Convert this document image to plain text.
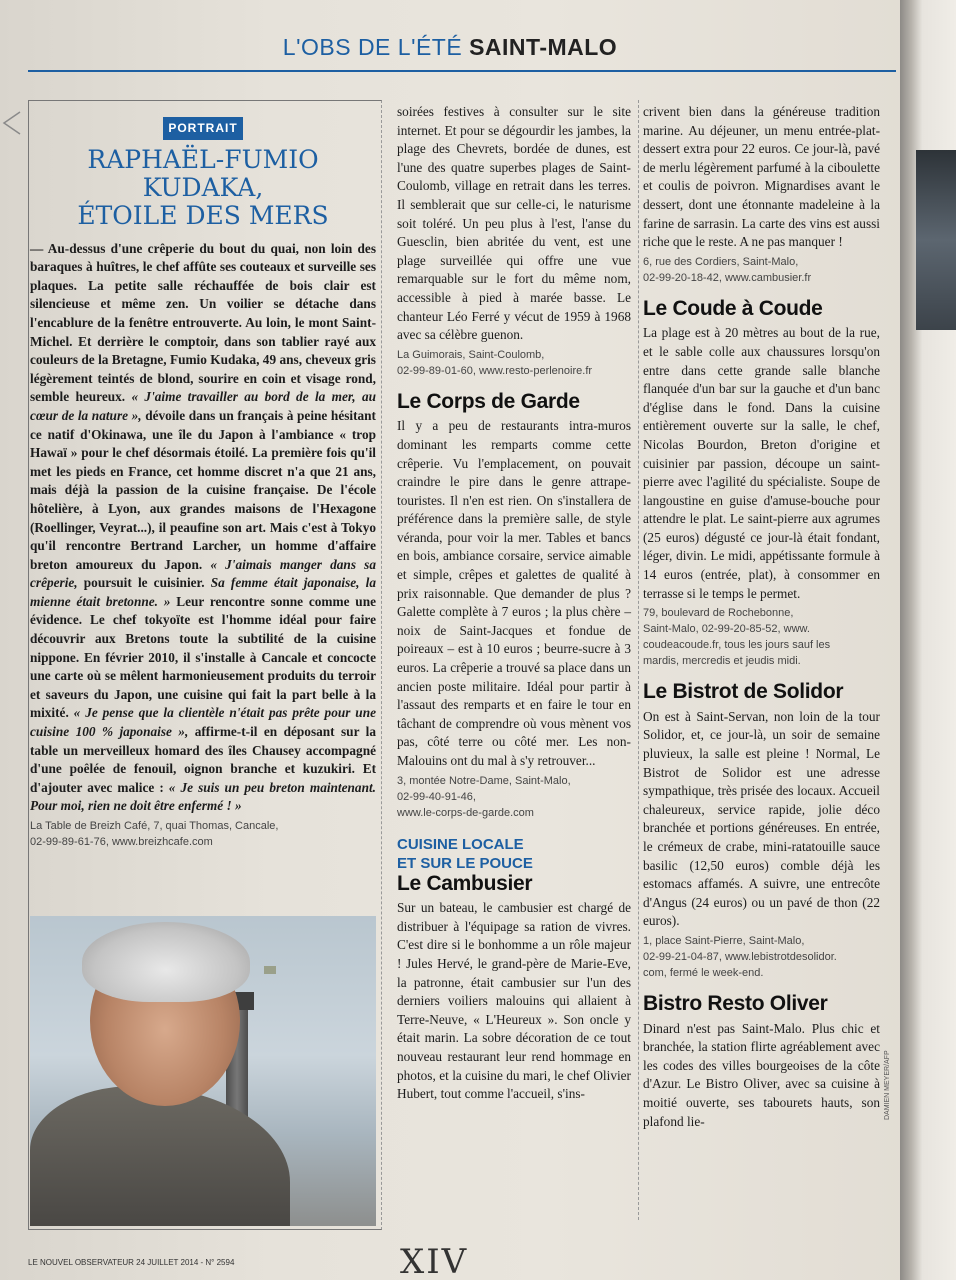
L'OBS DE L'ÉTÉ SAINT-MALO
PORTRAIT
RAPHAËL-FUMIO KUDAKA,
ÉTOILE DES MERS

— Au-dessus d'une crêperie du bout du quai, non loin des baraques à huîtres, le chef affûte ses couteaux et surveille ses plaques. La petite salle réchauffée de bois clair est silencieuse et même zen. Un voilier se détache dans l'encablure de la fenêtre entrouverte. Au loin, le mont Saint-Michel. Et derrière le comptoir, dans son tablier rayé aux couleurs de la Bretagne, Fumio Kudaka, 49 ans, cheveux gris légèrement teintés de blond, sourire en coin et visage rond, semble heureux. « J'aime travailler au bord de la mer, au cœur de la nature », dévoile dans un français à peine hésitant ce natif d'Okinawa, une île du Japon à l'ambiance « trop Hawaï » pour le chef désormais étoilé. La première fois qu'il met les pieds en France, cet homme discret n'a que 21 ans, mais déjà la passion de la cuisine française. De l'école hôtelière, à Lyon, aux grandes maisons de l'Hexagone (Roellinger, Veyrat...), il peaufine son art. Mais c'est à Tokyo qu'il rencontre Bertrand Larcher, un homme d'affaire breton amoureux du Japon. « J'aimais manger dans sa crêperie, poursuit le cuisinier. Sa femme était japonaise, la mienne était bretonne. » Leur rencontre sonne comme une évidence. Le chef tokyoïte est l'homme idéal pour faire découvrir aux Bretons toute la subtilité de la cuisine nippone. En février 2010, il s'installe à Cancale et concocte une carte où se mêlent harmonieusement produits du terroir et saveurs du Japon, une cuisine qui fait la part belle à la mixité. « Je pense que la clientèle n'était pas prête pour une cuisine 100 % japonaise », affirme-t-il en déposant sur la table un merveilleux homard des îles Chausey accompagné d'une poêlée de fenouil, oignon branche et kuzukiri. Et d'ajouter avec malice : « Je suis un peu breton maintenant. Pour moi, rien ne doit être enfermé ! »

La Table de Breizh Café, 7, quai Thomas, Cancale,
02-99-89-61-76, www.breizhcafe.com

soirées festives à consulter sur le site internet. Et pour se dégourdir les jambes, la plage des Chevrets, bordée de dunes, est l'une des quatre superbes plages de Saint-Coulomb, village en retrait dans les terres. Il semblerait que sur celle-ci, le naturisme soit toléré. Un peu plus à l'est, l'anse du Guesclin, bien abritée du vent, est une plage surveillée qui offre une vue remarquable sur le fort du même nom, accessible à pied à marée basse. Le chanteur Léo Ferré y vécut de 1959 à 1968 avec sa célèbre guenon.

La Guimorais, Saint-Coulomb,
02-99-89-01-60, www.resto-perlenoire.fr
Le Corps de Garde

Il y a peu de restaurants intra-muros dominant les remparts comme cette crêperie. Vu l'emplacement, on pouvait craindre le pire dans le genre attrape-touristes. Il n'en est rien. On s'installera de préférence dans la première salle, de style véranda, pour voir la mer. Tables et bancs en bois, ambiance corsaire, service aimable et simple, crêpes et galettes de qualité à prix raisonnable. Que demander de plus ? Galette complète à 7 euros ; la plus chère – noix de Saint-Jacques et fondue de poireaux – est à 10 euros ; beurre-sucre à 3 euros. La crêperie a trouvé sa place dans un ancien poste militaire. Idéal pour partir à l'assaut des remparts et en faire le tour en tâchant de comprendre où vous mènent vos pas, côté terre ou côté mer. Les non-Malouins ont du mal à s'y retrouver...

3, montée Notre-Dame, Saint-Malo,
02-99-40-91-46,
www.le-corps-de-garde.com
CUISINE LOCALE
ET SUR LE POUCE
Le Cambusier

Sur un bateau, le cambusier est chargé de distribuer à l'équipage sa ration de vivres. C'est dire si le bonhomme a un rôle majeur ! Jules Hervé, le grand-père de Marie-Eve, la patronne, était cambusier sur l'un des derniers voiliers malouins qui allaient à Terre-Neuve, « L'Heureux ». Son oncle y était marin. La sobre décoration de ce tout nouveau restaurant leur rend hommage en photos, et la cuisine du mari, le chef Olivier Hubert, tout comme l'accueil, s'ins-

crivent bien dans la généreuse tradition marine. Au déjeuner, un menu entrée-plat-dessert extra pour 22 euros. Ce jour-là, pavé de merlu légèrement parfumé à la ciboulette et coulis de poivron. Mignardises avant le dessert, dont une étonnante madeleine à la farine de sarrasin. La carte des vins est aussi riche que le reste. A ne pas manquer !

6, rue des Cordiers, Saint-Malo,
02-99-20-18-42, www.cambusier.fr
Le Coude à Coude

La plage est à 20 mètres au bout de la rue, et le sable colle aux chaussures lorsqu'on entre dans cette grande salle blanche flanquée d'un bar sur la gauche et d'un banc d'église dans le fond. Dans la cuisine entièrement ouverte sur la salle, le chef, Nicolas Bourdon, Breton d'origine et cuisinier par passion, découpe un saint-pierre avec l'agilité du spécialiste. Soupe de langoustine en guise d'amuse-bouche pour attendre le plat. Le saint-pierre aux agrumes (25 euros) dégusté ce jour-là était fondant, léger, divin. Le midi, appétissante formule à 14 euros (entrée, plat), à consommer en terrasse si le temps le permet.

79, boulevard de Rochebonne,
Saint-Malo, 02-99-20-85-52, www.
coudeacoude.fr, tous les jours sauf les
mardis, mercredis et jeudis midi.
Le Bistrot de Solidor

On est à Saint-Servan, non loin de la tour Solidor, et, ce jour-là, un soir de semaine pluvieux, la salle est pleine ! Normal, Le Bistrot de Solidor est une adresse sympathique, très prisée des locaux. Accueil chaleureux, service rapide, jolie déco branchée et portions généreuses. En entrée, le crémeux de crabe, mini-ratatouille sauce basilic (12,50 euros) comble déjà les estomacs affamés. A suivre, une entrecôte d'Angus (24 euros) ou un pavé de thon (22 euros).

1, place Saint-Pierre, Saint-Malo,
02-99-21-04-87, www.lebistrotdesolidor.
com, fermé le week-end.
Bistro Resto Oliver

Dinard n'est pas Saint-Malo. Plus chic et branchée, la station flirte agréablement avec les codes des villes bourgeoises de la côte d'Azur. Le Bistro Oliver, avec sa cuisine à moitié ouverte, ses tabourets hauts, son plafond lie-

DAMIEN MEYER/AFP
XIV
LE NOUVEL OBSERVATEUR 24 JUILLET 2014 - N° 2594
